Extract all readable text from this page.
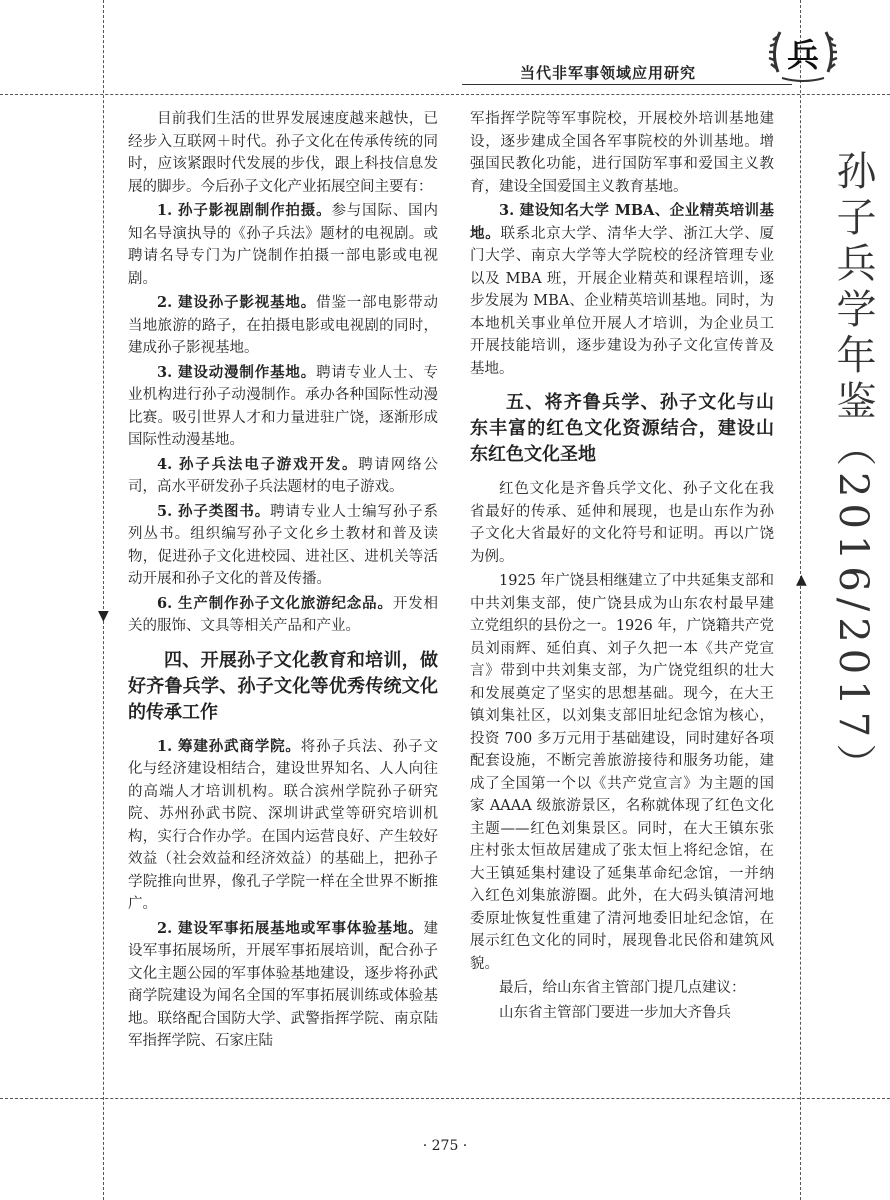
当代非军事领域应用研究	兵
孙子兵学年鉴（2016/2017）
▼
▲

目前我们生活的世界发展速度越来越快，已经步入互联网＋时代。孙子文化在传承传统的同时，应该紧跟时代发展的步伐，跟上科技信息发展的脚步。今后孙子文化产业拓展空间主要有：

1. 孙子影视剧制作拍摄。参与国际、国内知名导演执导的《孙子兵法》题材的电视剧。或聘请名导专门为广饶制作拍摄一部电影或电视剧。

2. 建设孙子影视基地。借鉴一部电影带动当地旅游的路子，在拍摄电影或电视剧的同时，建成孙子影视基地。

3. 建设动漫制作基地。聘请专业人士、专业机构进行孙子动漫制作。承办各种国际性动漫比赛。吸引世界人才和力量进驻广饶，逐渐形成国际性动漫基地。

4. 孙子兵法电子游戏开发。聘请网络公司，高水平研发孙子兵法题材的电子游戏。

5. 孙子类图书。聘请专业人士编写孙子系列丛书。组织编写孙子文化乡土教材和普及读物，促进孙子文化进校园、进社区、进机关等活动开展和孙子文化的普及传播。

6. 生产制作孙子文化旅游纪念品。开发相关的服饰、文具等相关产品和产业。

四、开展孙子文化教育和培训，做好齐鲁兵学、孙子文化等优秀传统文化的传承工作

1. 筹建孙武商学院。将孙子兵法、孙子文化与经济建设相结合，建设世界知名、人人向往的高端人才培训机构。联合滨州学院孙子研究院、苏州孙武书院、深圳讲武堂等研究培训机构，实行合作办学。在国内运营良好、产生较好效益（社会效益和经济效益）的基础上，把孙子学院推向世界，像孔子学院一样在全世界不断推广。

2. 建设军事拓展基地或军事体验基地。建设军事拓展场所，开展军事拓展培训，配合孙子文化主题公园的军事体验基地建设，逐步将孙武商学院建设为闻名全国的军事拓展训练或体验基地。联络配合国防大学、武警指挥学院、南京陆军指挥学院、石家庄陆

军指挥学院等军事院校，开展校外培训基地建设，逐步建成全国各军事院校的外训基地。增强国民教化功能，进行国防军事和爱国主义教育，建设全国爱国主义教育基地。

3. 建设知名大学 MBA、企业精英培训基地。联系北京大学、清华大学、浙江大学、厦门大学、南京大学等大学院校的经济管理专业以及 MBA 班，开展企业精英和课程培训，逐步发展为 MBA、企业精英培训基地。同时，为本地机关事业单位开展人才培训，为企业员工开展技能培训，逐步建设为孙子文化宣传普及基地。

五、将齐鲁兵学、孙子文化与山东丰富的红色文化资源结合，建设山东红色文化圣地

红色文化是齐鲁兵学文化、孙子文化在我省最好的传承、延伸和展现，也是山东作为孙子文化大省最好的文化符号和证明。再以广饶为例。

1925 年广饶县相继建立了中共延集支部和中共刘集支部，使广饶县成为山东农村最早建立党组织的县份之一。1926 年，广饶籍共产党员刘雨辉、延伯真、刘子久把一本《共产党宣言》带到中共刘集支部，为广饶党组织的壮大和发展奠定了坚实的思想基础。现今，在大王镇刘集社区，以刘集支部旧址纪念馆为核心，投资 700 多万元用于基础建设，同时建好各项配套设施，不断完善旅游接待和服务功能，建成了全国第一个以《共产党宣言》为主题的国家 AAAA 级旅游景区，名称就体现了红色文化主题——红色刘集景区。同时，在大王镇东张庄村张太恒故居建成了张太恒上将纪念馆，在大王镇延集村建设了延集革命纪念馆，一并纳入红色刘集旅游圈。此外，在大码头镇清河地委原址恢复性重建了清河地委旧址纪念馆，在展示红色文化的同时，展现鲁北民俗和建筑风貌。

最后，给山东省主管部门提几点建议：

山东省主管部门要进一步加大齐鲁兵

· 275 ·
